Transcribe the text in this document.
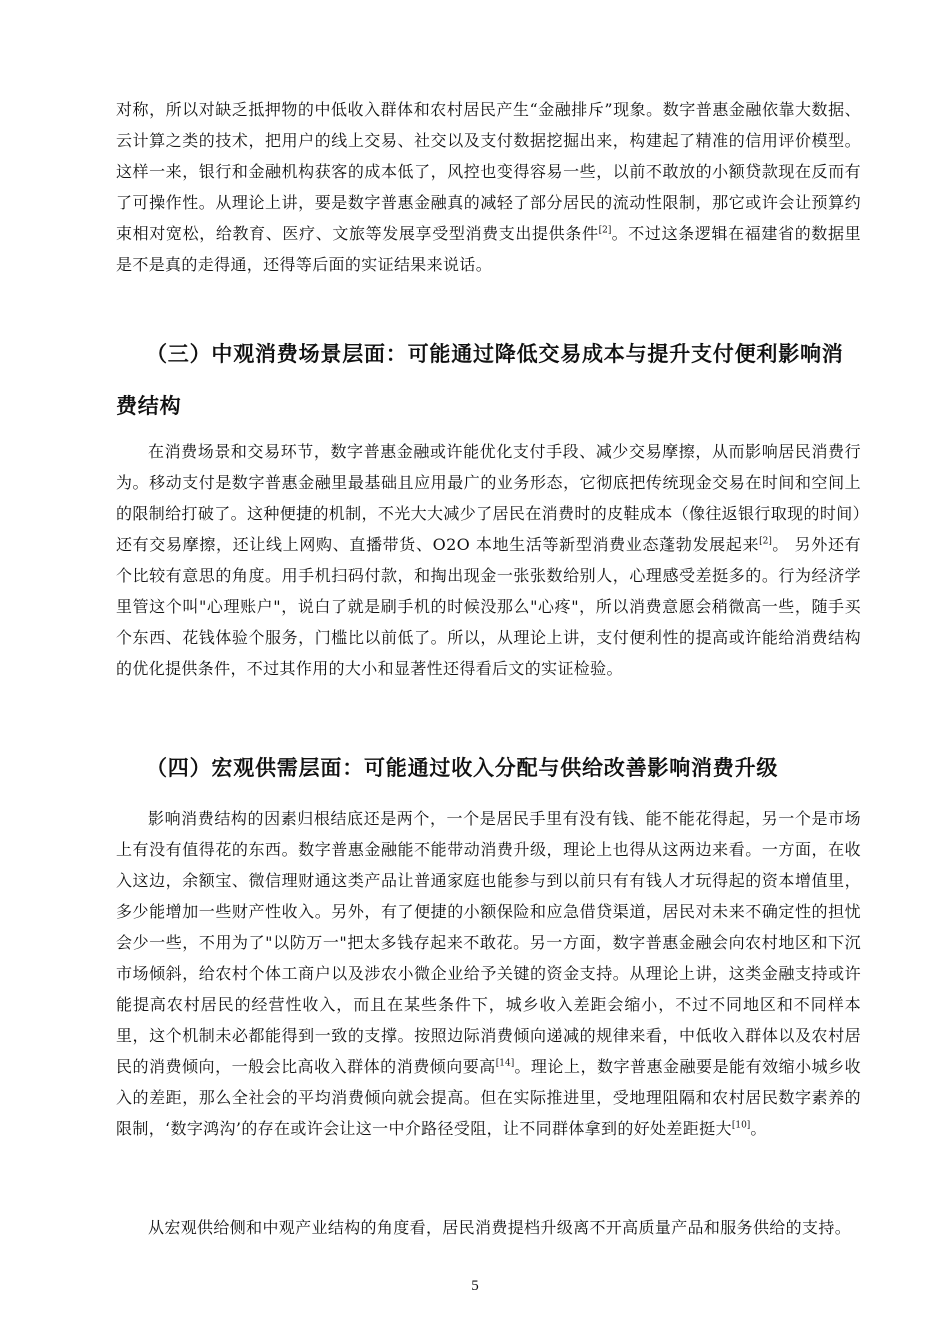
对称，所以对缺乏抵押物的中低收入群体和农村居民产生“金融排斥”现象。数字普惠金融依靠大数据、云计算之类的技术，把用户的线上交易、社交以及支付数据挖掘出来，构建起了精准的信用评价模型。这样一来，银行和金融机构获客的成本低了，风控也变得容易一些，以前不敢放的小额贷款现在反而有了可操作性。从理论上讲，要是数字普惠金融真的减轻了部分居民的流动性限制，那它或许会让预算约束相对宽松，给教育、医疗、文旅等发展享受型消费支出提供条件[2]。不过这条逻辑在福建省的数据里是不是真的走得通，还得等后面的实证结果来说话。

（三）中观消费场景层面：可能通过降低交易成本与提升支付便利影响消费结构

在消费场景和交易环节，数字普惠金融或许能优化支付手段、减少交易摩擦，从而影响居民消费行为。移动支付是数字普惠金融里最基础且应用最广的业务形态，它彻底把传统现金交易在时间和空间上的限制给打破了。这种便捷的机制，不光大大减少了居民在消费时的皮鞋成本（像往返银行取现的时间）还有交易摩擦，还让线上网购、直播带货、O2O 本地生活等新型消费业态蓬勃发展起来[2]。 另外还有个比较有意思的角度。用手机扫码付款，和掏出现金一张张数给别人，心理感受差挺多的。行为经济学里管这个叫"心理账户"，说白了就是刷手机的时候没那么"心疼"，所以消费意愿会稍微高一些，随手买个东西、花钱体验个服务，门槛比以前低了。所以，从理论上讲，支付便利性的提高或许能给消费结构的优化提供条件，不过其作用的大小和显著性还得看后文的实证检验。

（四）宏观供需层面：可能通过收入分配与供给改善影响消费升级

影响消费结构的因素归根结底还是两个，一个是居民手里有没有钱、能不能花得起，另一个是市场上有没有值得花的东西。数字普惠金融能不能带动消费升级，理论上也得从这两边来看。一方面，在收入这边，余额宝、微信理财通这类产品让普通家庭也能参与到以前只有有钱人才玩得起的资本增值里，多少能增加一些财产性收入。另外，有了便捷的小额保险和应急借贷渠道，居民对未来不确定性的担忧会少一些，不用为了"以防万一"把太多钱存起来不敢花。另一方面，数字普惠金融会向农村地区和下沉市场倾斜，给农村个体工商户以及涉农小微企业给予关键的资金支持。从理论上讲，这类金融支持或许能提高农村居民的经营性收入，而且在某些条件下，城乡收入差距会缩小，不过不同地区和不同样本里，这个机制未必都能得到一致的支撑。按照边际消费倾向递减的规律来看，中低收入群体以及农村居民的消费倾向，一般会比高收入群体的消费倾向要高[14]。理论上，数字普惠金融要是能有效缩小城乡收入的差距，那么全社会的平均消费倾向就会提高。但在实际推进里，受地理阻隔和农村居民数字素养的限制，‘数字鸿沟’的存在或许会让这一中介路径受阻，让不同群体拿到的好处差距挺大[10]。

从宏观供给侧和中观产业结构的角度看，居民消费提档升级离不开高质量产品和服务供给的支持。

5
